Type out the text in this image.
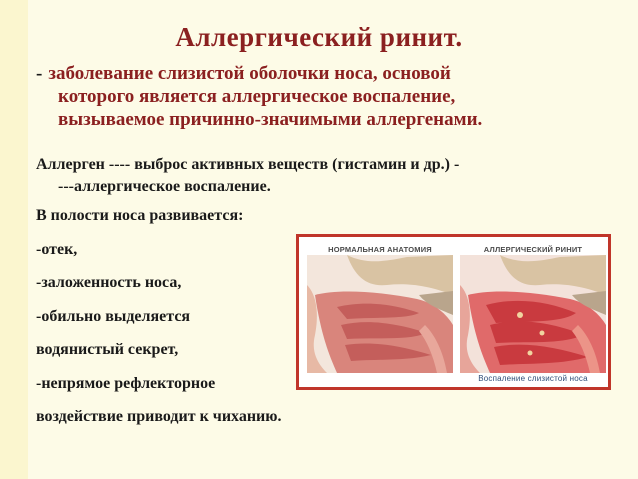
Аллергический ринит.
- заболевание слизистой оболочки носа, основой
которого является аллергическое воспаление,
вызываемое причинно-значимыми аллергенами.
Аллерген ---- выброс активных веществ (гистамин и др.) -
---аллергическое воспаление.
В полости носа развивается:
-отек,
-заложенность носа,
-обильно выделяется
водянистый секрет,
-непрямое рефлекторное
воздействие приводит к чиханию.
НОРМАЛЬНАЯ АНАТОМИЯ	АЛЛЕРГИЧЕСКИЙ РИНИТ
Воспаление слизистой носа
